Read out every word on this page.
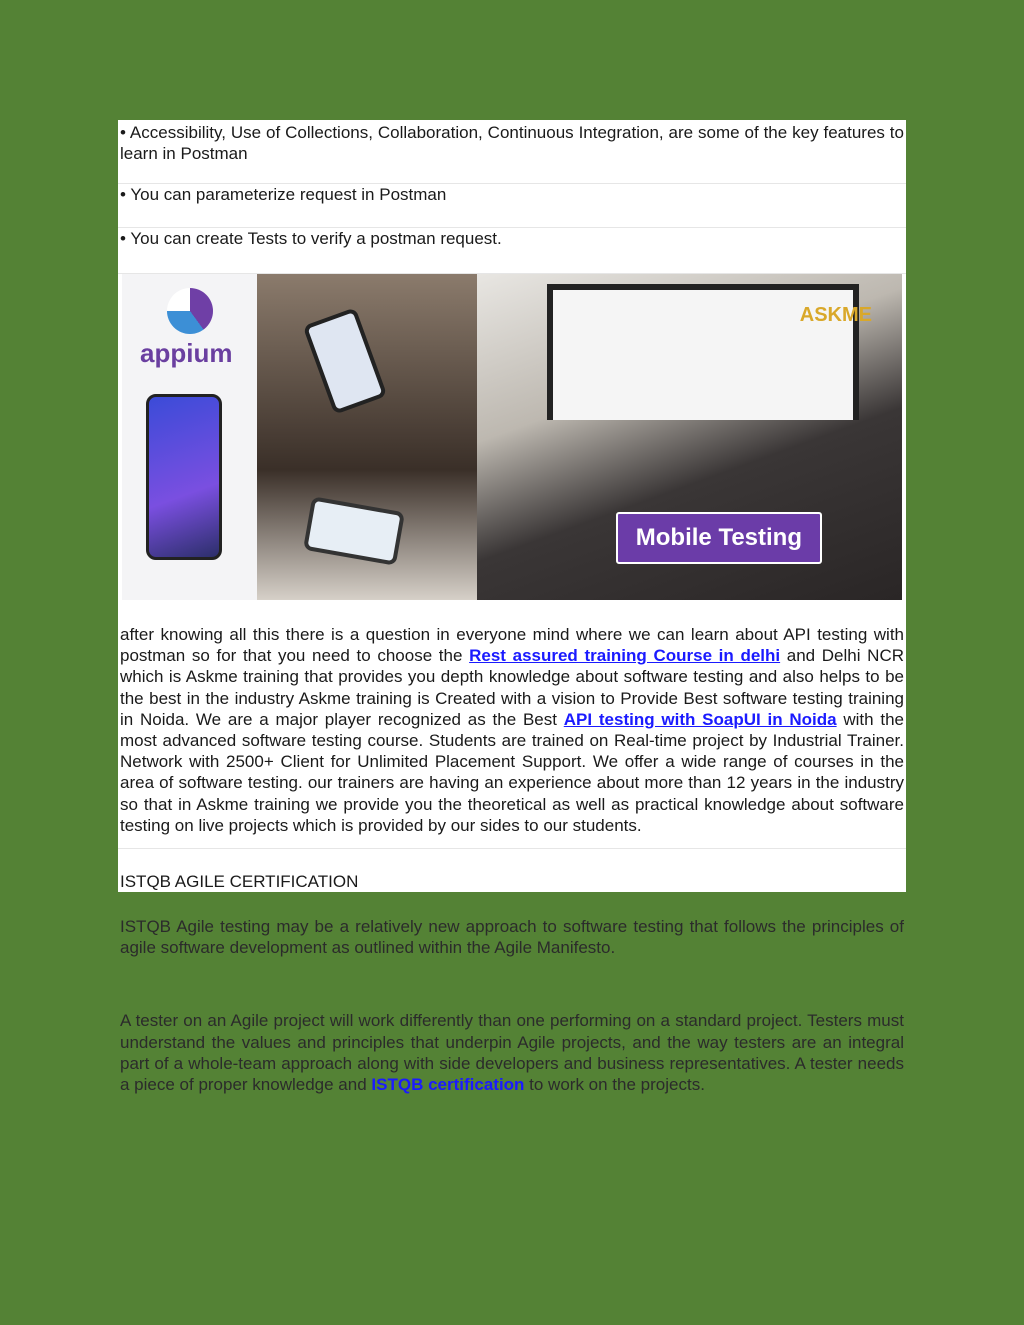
• Accessibility, Use of Collections, Collaboration, Continuous Integration, are some of the key features to learn in Postman
• You can parameterize request in Postman
• You can create Tests to verify a postman request.
appium
ASKME
Mobile Testing
after knowing all this there is a question in everyone mind where we can learn about API testing with postman so for that you need to choose the Rest assured training Course in delhi and Delhi NCR which is Askme training that provides you depth knowledge about software testing and also helps to be the best in the industry Askme training is Created with a vision to Provide Best software testing training in Noida. We are a major player recognized as the Best API testing with SoapUI in Noida with the most advanced software testing course. Students are trained on Real-time project by Industrial Trainer. Network with 2500+ Client for Unlimited Placement Support. We offer a wide range of courses in the area of software testing. our trainers are having an experience about more than 12 years in the industry so that in Askme training we provide you the theoretical as well as practical knowledge about software testing on live projects which is provided by our sides to our students.
ISTQB AGILE CERTIFICATION
ISTQB Agile testing may be a relatively new approach to software testing that follows the principles of agile software development as outlined within the Agile Manifesto.
A tester on an Agile project will work differently than one performing on a standard project. Testers must understand the values and principles that underpin Agile projects, and the way testers are an integral part of a whole-team approach along with side developers and business representatives. A tester needs a piece of proper knowledge and ISTQB certification to work on the projects.
